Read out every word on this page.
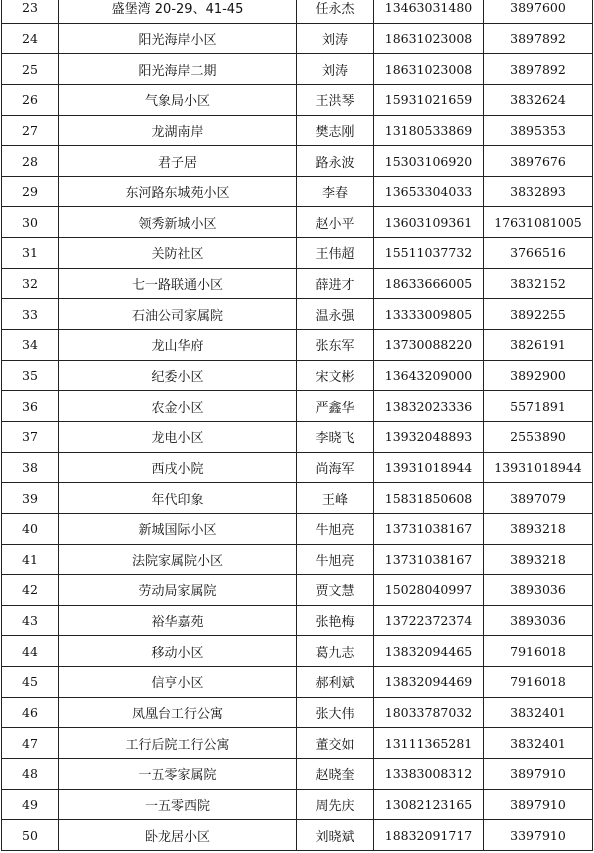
23	盛堡湾 20-29、41-45	任永杰	13463031480	3897600
24	阳光海岸小区	刘涛	18631023008	3897892
25	阳光海岸二期	刘涛	18631023008	3897892
26	气象局小区	王洪琴	15931021659	3832624
27	龙湖南岸	樊志刚	13180533869	3895353
28	君子居	路永波	15303106920	3897676
29	东河路东城苑小区	李春	13653304033	3832893
30	领秀新城小区	赵小平	13603109361	17631081005
31	关防社区	王伟超	15511037732	3766516
32	七一路联通小区	薛进才	18633666005	3832152
33	石油公司家属院	温永强	13333009805	3892255
34	龙山华府	张东军	13730088220	3826191
35	纪委小区	宋文彬	13643209000	3892900
36	农金小区	严鑫华	13832023336	5571891
37	龙电小区	李晓飞	13932048893	2553890
38	西戌小院	尚海军	13931018944	13931018944
39	年代印象	王峰	15831850608	3897079
40	新城国际小区	牛旭亮	13731038167	3893218
41	法院家属院小区	牛旭亮	13731038167	3893218
42	劳动局家属院	贾文慧	15028040997	3893036
43	裕华嘉苑	张艳梅	13722372374	3893036
44	移动小区	葛九志	13832094465	7916018
45	信亨小区	郝利斌	13832094469	7916018
46	凤凰台工行公寓	张大伟	18033787032	3832401
47	工行后院工行公寓	董交如	13111365281	3832401
48	一五零家属院	赵晓奎	13383008312	3897910
49	一五零西院	周先庆	13082123165	3897910
50	卧龙居小区	刘晓斌	18832091717	3397910
